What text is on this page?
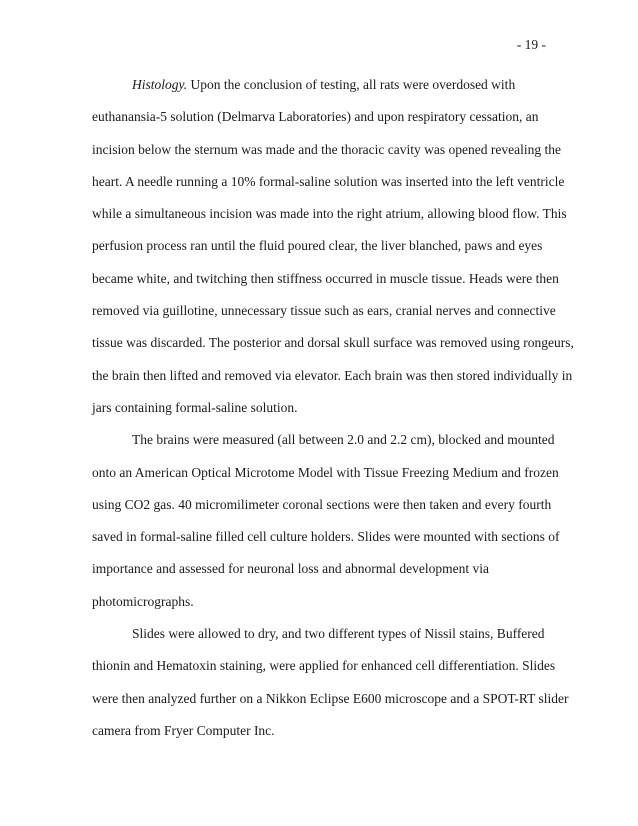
- 19 -

Histology. Upon the conclusion of testing, all rats were overdosed with
euthanansia-5 solution (Delmarva Laboratories) and upon respiratory cessation, an
incision below the sternum was made and the thoracic cavity was opened revealing the
heart. A needle running a 10% formal-saline solution was inserted into the left ventricle
while a simultaneous incision was made into the right atrium, allowing blood flow. This
perfusion process ran until the fluid poured clear, the liver blanched, paws and eyes
became white, and twitching then stiffness occurred in muscle tissue. Heads were then
removed via guillotine, unnecessary tissue such as ears, cranial nerves and connective
tissue was discarded. The posterior and dorsal skull surface was removed using rongeurs,
the brain then lifted and removed via elevator. Each brain was then stored individually in
jars containing formal-saline solution.

The brains were measured (all between 2.0 and 2.2 cm), blocked and mounted
onto an American Optical Microtome Model with Tissue Freezing Medium and frozen
using CO2 gas. 40 micromilimeter coronal sections were then taken and every fourth
saved in formal-saline filled cell culture holders. Slides were mounted with sections of
importance and assessed for neuronal loss and abnormal development via
photomicrographs.

Slides were allowed to dry, and two different types of Nissil stains, Buffered
thionin and Hematoxin staining, were applied for enhanced cell differentiation. Slides
were then analyzed further on a Nikkon Eclipse E600 microscope and a SPOT-RT slider
camera from Fryer Computer Inc.
